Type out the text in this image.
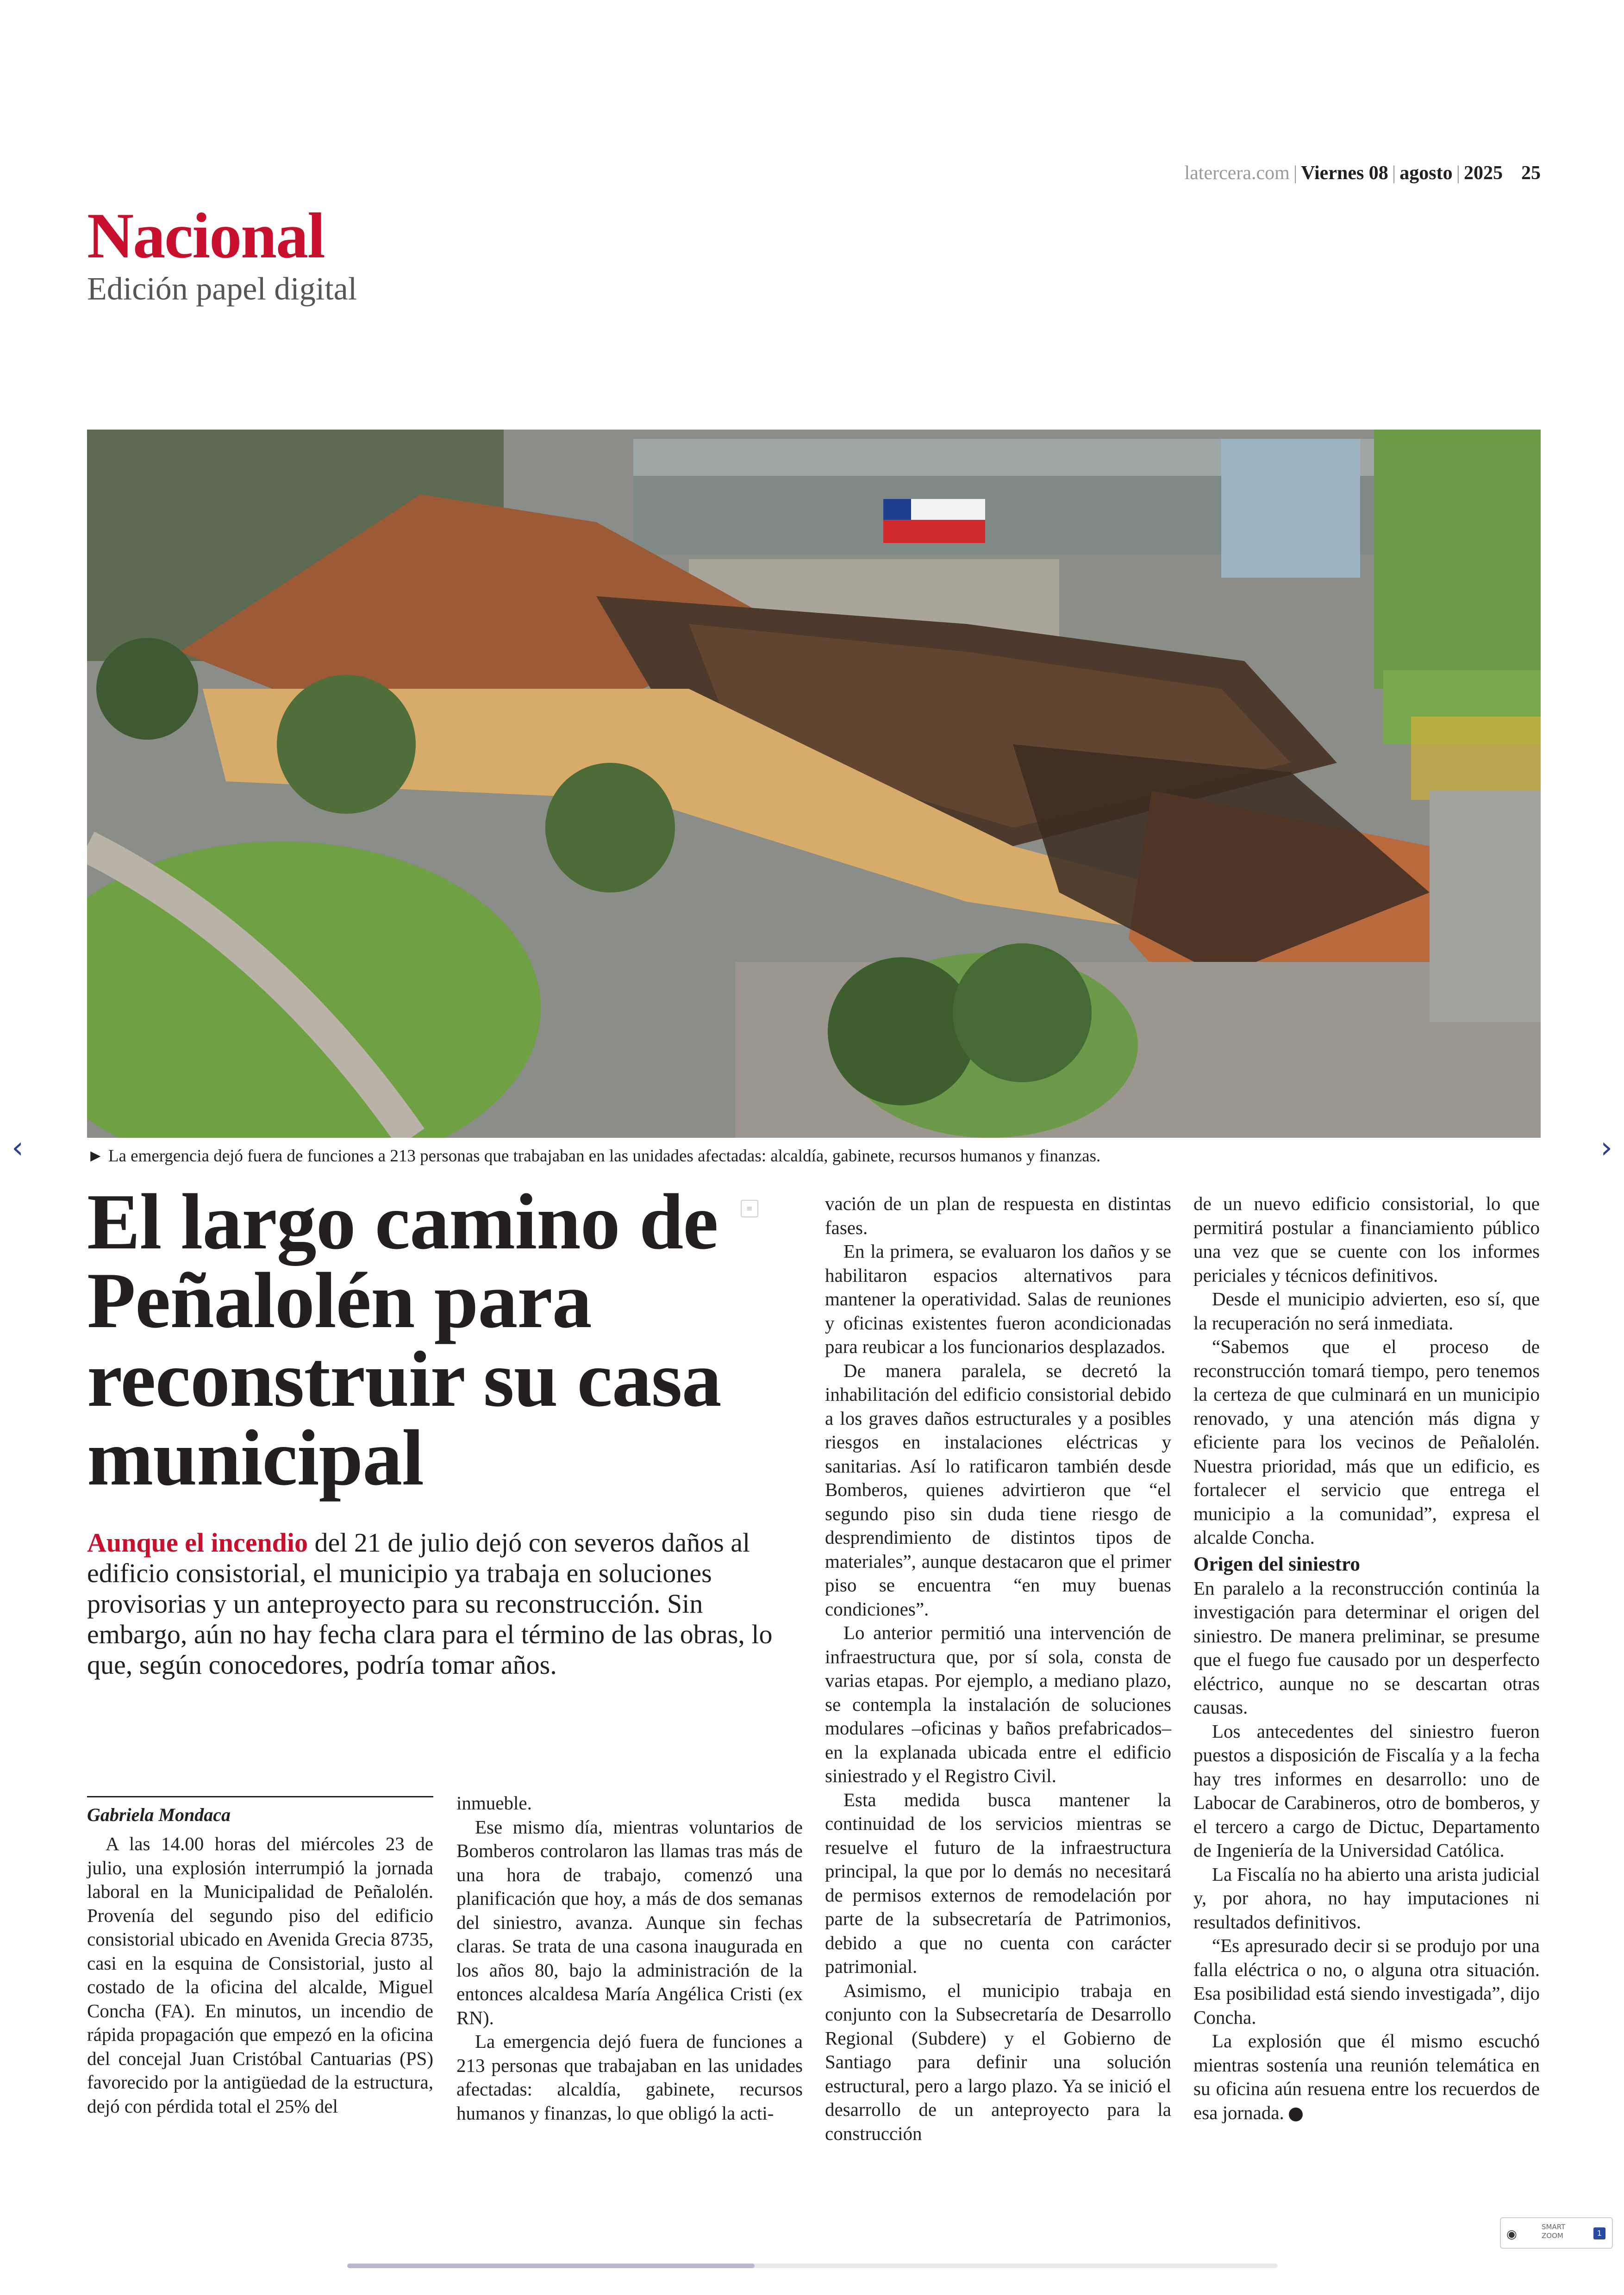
latercera.com | Viernes 08 | agosto | 2025 25
Nacional
Edición papel digital
► La emergencia dejó fuera de funciones a 213 personas que trabajaban en las unidades afectadas: alcaldía, gabinete, recursos humanos y finanzas.
El largo camino de Peñalolén para reconstruir su casa municipal
≡
Aunque el incendio del 21 de julio dejó con severos daños al edificio consistorial, el municipio ya trabaja en soluciones provisorias y un anteproyecto para su reconstrucción. Sin embargo, aún no hay fecha clara para el término de las obras, lo que, según conocedores, podría tomar años.
Gabriela Mondaca

A las 14.00 horas del miércoles 23 de julio, una explosión interrumpió la jornada laboral en la Municipalidad de Peñalolén. Provenía del segundo piso del edificio consistorial ubicado en Avenida Grecia 8735, casi en la esquina de Consistorial, justo al costado de la oficina del alcalde, Miguel Concha (FA). En minutos, un incendio de rápida propagación que empezó en la oficina del concejal Juan Cristóbal Cantuarias (PS) favorecido por la antigüedad de la estructura, dejó con pérdida total el 25% del

inmueble.

Ese mismo día, mientras voluntarios de Bomberos controlaron las llamas tras más de una hora de trabajo, comenzó una planificación que hoy, a más de dos semanas del siniestro, avanza. Aunque sin fechas claras. Se trata de una casona inaugurada en los años 80, bajo la administración de la entonces alcaldesa María Angélica Cristi (ex RN).

La emergencia dejó fuera de funciones a 213 personas que trabajaban en las unidades afectadas: alcaldía, gabinete, recursos humanos y finanzas, lo que obligó la acti-

vación de un plan de respuesta en distintas fases.

En la primera, se evaluaron los daños y se habilitaron espacios alternativos para mantener la operatividad. Salas de reuniones y oficinas existentes fueron acondicionadas para reubicar a los funcionarios desplazados.

De manera paralela, se decretó la inhabilitación del edificio consistorial debido a los graves daños estructurales y a posibles riesgos en instalaciones eléctricas y sanitarias. Así lo ratificaron también desde Bomberos, quienes advirtieron que “el segundo piso sin duda tiene riesgo de desprendimiento de distintos tipos de materiales”, aunque destacaron que el primer piso se encuentra “en muy buenas condiciones”.

Lo anterior permitió una intervención de infraestructura que, por sí sola, consta de varias etapas. Por ejemplo, a mediano plazo, se contempla la instalación de soluciones modulares –oficinas y baños prefabricados– en la explanada ubicada entre el edificio siniestrado y el Registro Civil.

Esta medida busca mantener la continuidad de los servicios mientras se resuelve el futuro de la infraestructura principal, la que por lo demás no necesitará de permisos externos de remodelación por parte de la subsecretaría de Patrimonios, debido a que no cuenta con carácter patrimonial.

Asimismo, el municipio trabaja en conjunto con la Subsecretaría de Desarrollo Regional (Subdere) y el Gobierno de Santiago para definir una solución estructural, pero a largo plazo. Ya se inició el desarrollo de un anteproyecto para la construcción

de un nuevo edificio consistorial, lo que permitirá postular a financiamiento público una vez que se cuente con los informes periciales y técnicos definitivos.

Desde el municipio advierten, eso sí, que la recuperación no será inmediata.

“Sabemos que el proceso de reconstrucción tomará tiempo, pero tenemos la certeza de que culminará en un municipio renovado, y una atención más digna y eficiente para los vecinos de Peñalolén. Nuestra prioridad, más que un edificio, es fortalecer el servicio que entrega el municipio a la comunidad”, expresa el alcalde Concha.

Origen del siniestro

En paralelo a la reconstrucción continúa la investigación para determinar el origen del siniestro. De manera preliminar, se presume que el fuego fue causado por un desperfecto eléctrico, aunque no se descartan otras causas.

Los antecedentes del siniestro fueron puestos a disposición de Fiscalía y a la fecha hay tres informes en desarrollo: uno de Labocar de Carabineros, otro de bomberos, y el tercero a cargo de Dictuc, Departamento de Ingeniería de la Universidad Católica.

La Fiscalía no ha abierto una arista judicial y, por ahora, no hay imputaciones ni resultados definitivos.

“Es apresurado decir si se produjo por una falla eléctrica o no, o alguna otra situación. Esa posibilidad está siendo investigada”, dijo Concha.

La explosión que él mismo escuchó mientras sostenía una reunión telemática en su oficina aún resuena entre los recuerdos de esa jornada.

‹	›
◉
SMART ZOOM	1
